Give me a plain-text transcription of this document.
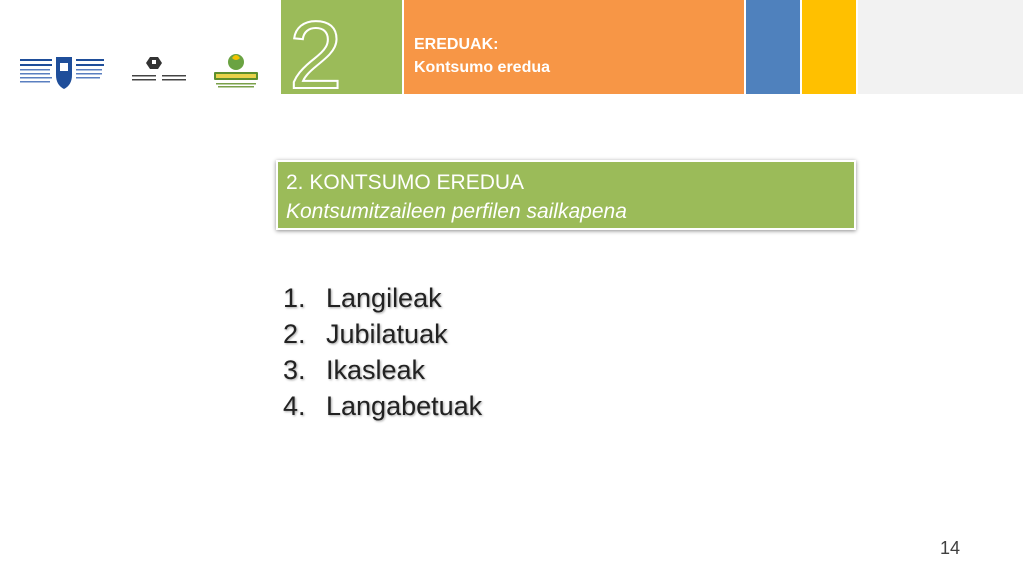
2	EREDUAK:
Kontsumo eredua
2. KONTSUMO EREDUA
Kontsumitzaileen perfilen sailkapena
1. Langileak
2. Jubilatuak
3. Ikasleak
4. Langabetuak
14
